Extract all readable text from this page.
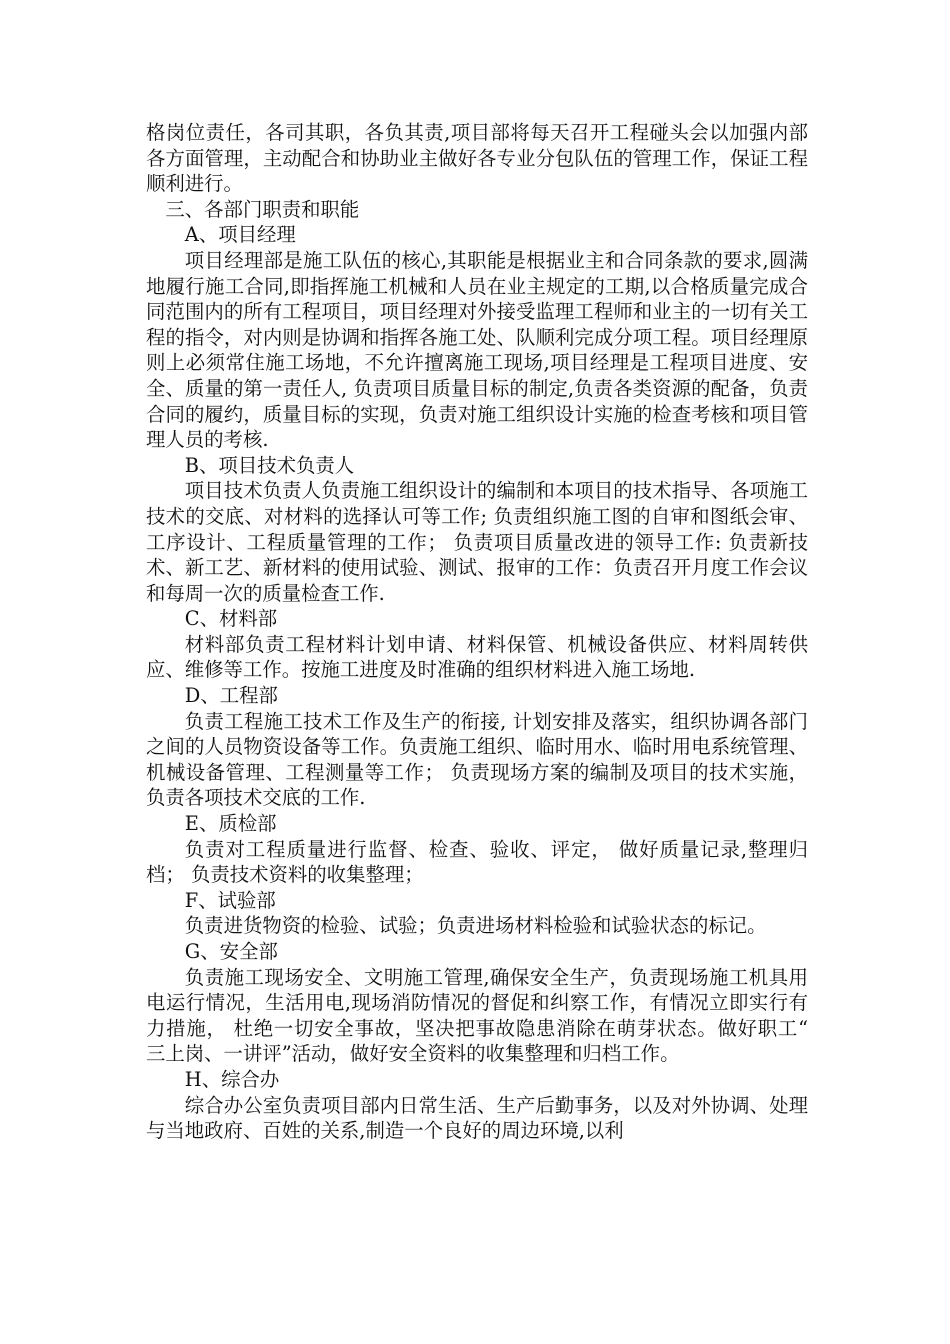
格岗位责任，各司其职，各负其责,项目部将每天召开工程碰头会以加强内部各方面管理，主动配合和协助业主做好各专业分包队伍的管理工作，保证工程顺利进行。

三、各部门职责和职能

A、项目经理

项目经理部是施工队伍的核心,其职能是根据业主和合同条款的要求,圆满地履行施工合同,即指挥施工机械和人员在业主规定的工期,以合格质量完成合同范围内的所有工程项目，项目经理对外接受监理工程师和业主的一切有关工程的指令，对内则是协调和指挥各施工处、队顺利完成分项工程。项目经理原则上必须常住施工场地，不允许擅离施工现场,项目经理是工程项目进度、安全、质量的第一责任人, 负责项目质量目标的制定,负责各类资源的配备，负责合同的履约，质量目标的实现，负责对施工组织设计实施的检查考核和项目管理人员的考核.

B、项目技术负责人

项目技术负责人负责施工组织设计的编制和本项目的技术指导、各项施工技术的交底、对材料的选择认可等工作; 负责组织施工图的自审和图纸会审、工序设计、工程质量管理的工作； 负责项目质量改进的领导工作: 负责新技术、新工艺、新材料的使用试验、测试、报审的工作：负责召开月度工作会议和每周一次的质量检查工作.

C、材料部

材料部负责工程材料计划申请、材料保管、机械设备供应、材料周转供应、维修等工作。按施工进度及时准确的组织材料进入施工场地.

D、工程部

负责工程施工技术工作及生产的衔接, 计划安排及落实，组织协调各部门之间的人员物资设备等工作。负责施工组织、临时用水、临时用电系统管理、机械设备管理、工程测量等工作； 负责现场方案的编制及项目的技术实施，负责各项技术交底的工作.

E、质检部

负责对工程质量进行监督、检查、验收、评定， 做好质量记录,整理归档； 负责技术资料的收集整理；

F、试验部

负责进货物资的检验、试验；负责进场材料检验和试验状态的标记。

G、安全部

负责施工现场安全、文明施工管理,确保安全生产，负责现场施工机具用电运行情况，生活用电,现场消防情况的督促和纠察工作，有情况立即实行有力措施， 杜绝一切安全事故，坚决把事故隐患消除在萌芽状态。做好职工“ 三上岗、一讲评”活动，做好安全资料的收集整理和归档工作。

H、综合办

综合办公室负责项目部内日常生活、生产后勤事务，以及对外协调、处理与当地政府、百姓的关系,制造一个良好的周边环境,以利
